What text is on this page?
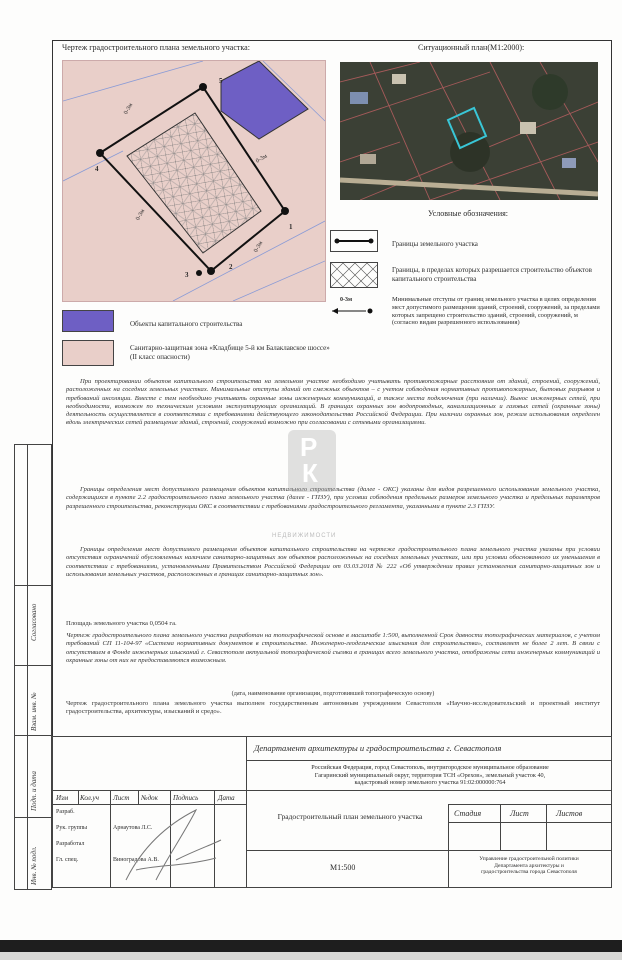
Чертеж градостроительного плана земельного участка:	Ситуационный план(М1:2000):
5
4
1
2
3
0-3м
0-3м
0-3м
0-3м
Условные обозначения:
Границы земельного участка
Границы, в пределах которых разрешается строительство объектов капитального строительства
0-3м	Минимальные отступы от границ земельного участка в целях определения мест допустимого размещения зданий, строений, сооружений, за пределами которых запрещено строительство зданий, строений, сооружений, м (согласно видам разрешенного использования)
Объекты капитального строительства
Санитарно-защитная зона «Кладбище 5-й км Балаклавское шоссе» (II класс опасности)
При проектировании объектов капитального строительства на земельном участке необходимо учитывать противопожарные расстояния от зданий, строений, сооружений, расположенных на соседних земельных участках. Минимальные отступы зданий от смежных объектов – с учетом соблюдения нормативных противопожарных, бытовых разрывов и требований инсоляции. Вместе с тем необходимо учитывать охранные зоны инженерных коммуникаций, а также места подключения (при наличии). Вынос инженерных сетей, при необходимости, возможен по техническим условиям эксплуатирующих организаций. В границах охранных зон водопроводных, канализационных и газовых сетей (охранные зоны) деятельность осуществляется в соответствии с требованиями действующего законодательства Российской Федерации. При наличии охранных зон, режим использования определен вдоль электрических сетей размещение зданий, строений, сооружений возможно при согласовании с сетевыми организациями.
Границы определения мест допустимого размещения объектов капитального строительства (далее - ОКС) указаны для видов разрешенного использования земельного участка, содержащихся в пункте 2.2 градостроительного плана земельного участка (далее - ГПЗУ), при условии соблюдения предельных размеров земельного участка и предельных параметров разрешенного строительства, реконструкции ОКС в соответствии с требованиями градостроительного регламента, указанными в пункте 2.3 ГПЗУ.
Границы определения мест допустимого размещения объектов капитального строительства на чертеже градостроительного плана земельного участка указаны при условии отсутствия ограничений обусловленных наличием санитарно-защитных зон объектов расположенных на соседних земельных участках, или при условии обоснованного их уменьшения в соответствии с требованиями, установленными Правительством Российской Федерации от 03.03.2018 № 222 «Об утверждении правил установления санитарно-защитных зон и использования земельных участков, расположенных в границах санитарно-защитных зон».
Площадь земельного участка 0,0504 га.
Чертеж градостроительного плана земельного участка разработан на топографической основе в масштабе 1:500, выполненной Срок давности топографических материалов, с учетом требований СП 11-104-97 «Система нормативных документов в строительстве. Инженерно-геодезические изыскания для строительства», составляет не более 2 лет. В связи с отсутствием в Фонде инженерных изысканий г. Севастополя актуальной топографической съемки в границах всего земельного участка, отображены сети инженерных коммуникаций и охранные зоны от них не предоставляются возможным.
(дата, наименование организации, подготовившей топографическую основу)
Чертеж градостроительного плана земельного участка выполнен государственным автономным учреждением Севастополя «Научно-исследовательский и проектный институт градостроительства, архитектуры, изысканий и средо».
Р
К
НЕДВИЖИМОСТИ
Согласовано
Взам. инв. №
Подп. и дата
Инв. № подл.
Департамент архитектуры и градостроительства г. Севастополя
Российская Федерация, город Севастополь, внутригородское муниципальное образование Гагаринский муниципальный округ, территория ТСН «Орехов», земельный участок 40, кадастровый номер земельного участка 91:02:000000:764
Градостроительный план земельного участка
М1:500
Стадия	Лист	Листов
Управление градостроительной политики Департамента архитектуры и градостроительства города Севастополя
Изм Кол.уч Лист №док Подпись	Дата
Разраб.
Рук. группы	Арнаутова Л.С.
Разработал
Гл. спец.	Виноградова А.В.
